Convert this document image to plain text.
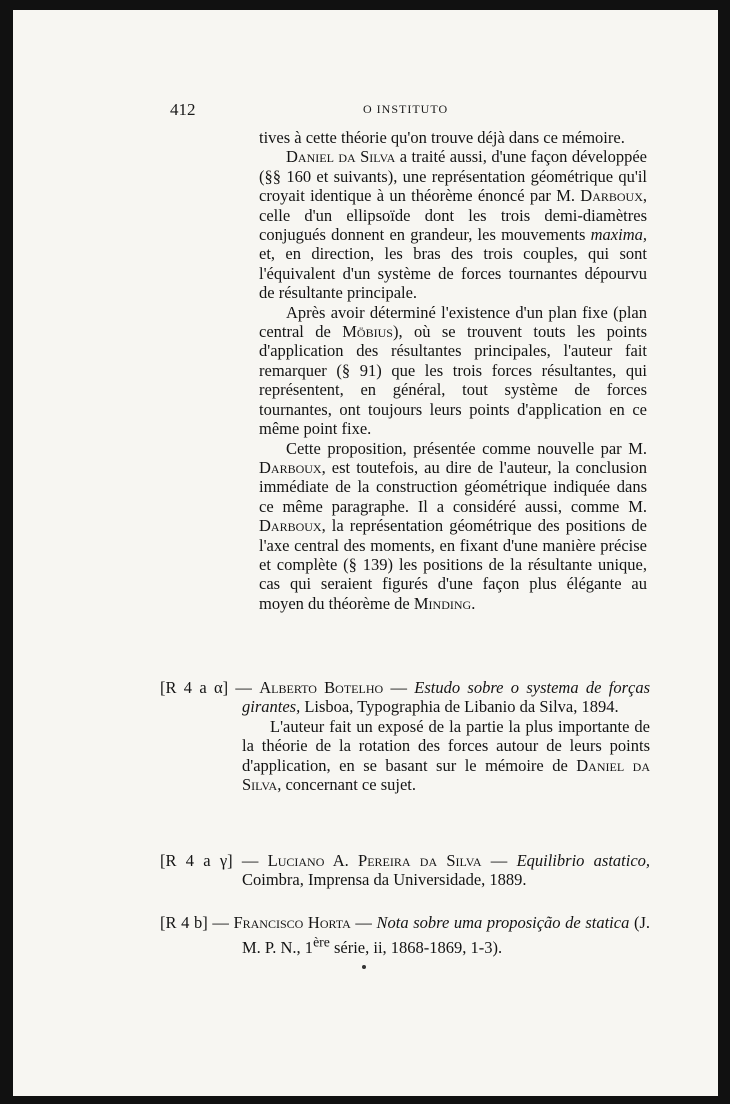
412	O INSTITUTO

tives à cette théorie qu'on trouve déjà dans ce mémoire.

Daniel da Silva a traité aussi, d'une façon développée (§§ 160 et suivants), une représentation géométrique qu'il croyait identique à un théorème énoncé par M. Darboux, celle d'un ellipsoïde dont les trois demi-diamètres conjugués donnent en grandeur, les mouvements maxima, et, en direction, les bras des trois couples, qui sont l'équivalent d'un système de forces tournantes dépourvu de résultante principale.

Après avoir déterminé l'existence d'un plan fixe (plan central de Möbius), où se trouvent touts les points d'application des résultantes principales, l'auteur fait remarquer (§ 91) que les trois forces résultantes, qui représentent, en général, tout système de forces tournantes, ont toujours leurs points d'application en ce même point fixe.

Cette proposition, présentée comme nouvelle par M. Darboux, est toutefois, au dire de l'auteur, la conclusion immédiate de la construction géométrique indiquée dans ce même paragraphe. Il a considéré aussi, comme M. Darboux, la représentation géométrique des positions de l'axe central des moments, en fixant d'une manière précise et complète (§ 139) les positions de la résultante unique, cas qui seraient figurés d'une façon plus élégante au moyen du théorème de Minding.

[R 4 a α] — Alberto Botelho — Estudo sobre o systema de forças girantes, Lisboa, Typographia de Libanio da Silva, 1894.

L'auteur fait un exposé de la partie la plus importante de la théorie de la rotation des forces autour de leurs points d'application, en se basant sur le mémoire de Daniel da Silva, concernant ce sujet.

[R 4 a γ] — Luciano A. Pereira da Silva — Equilibrio astatico, Coimbra, Imprensa da Universidade, 1889.

[R 4 b] — Francisco Horta — Nota sobre uma proposição de statica (J. M. P. N., 1ère série, ii, 1868-1869, 1-3).
